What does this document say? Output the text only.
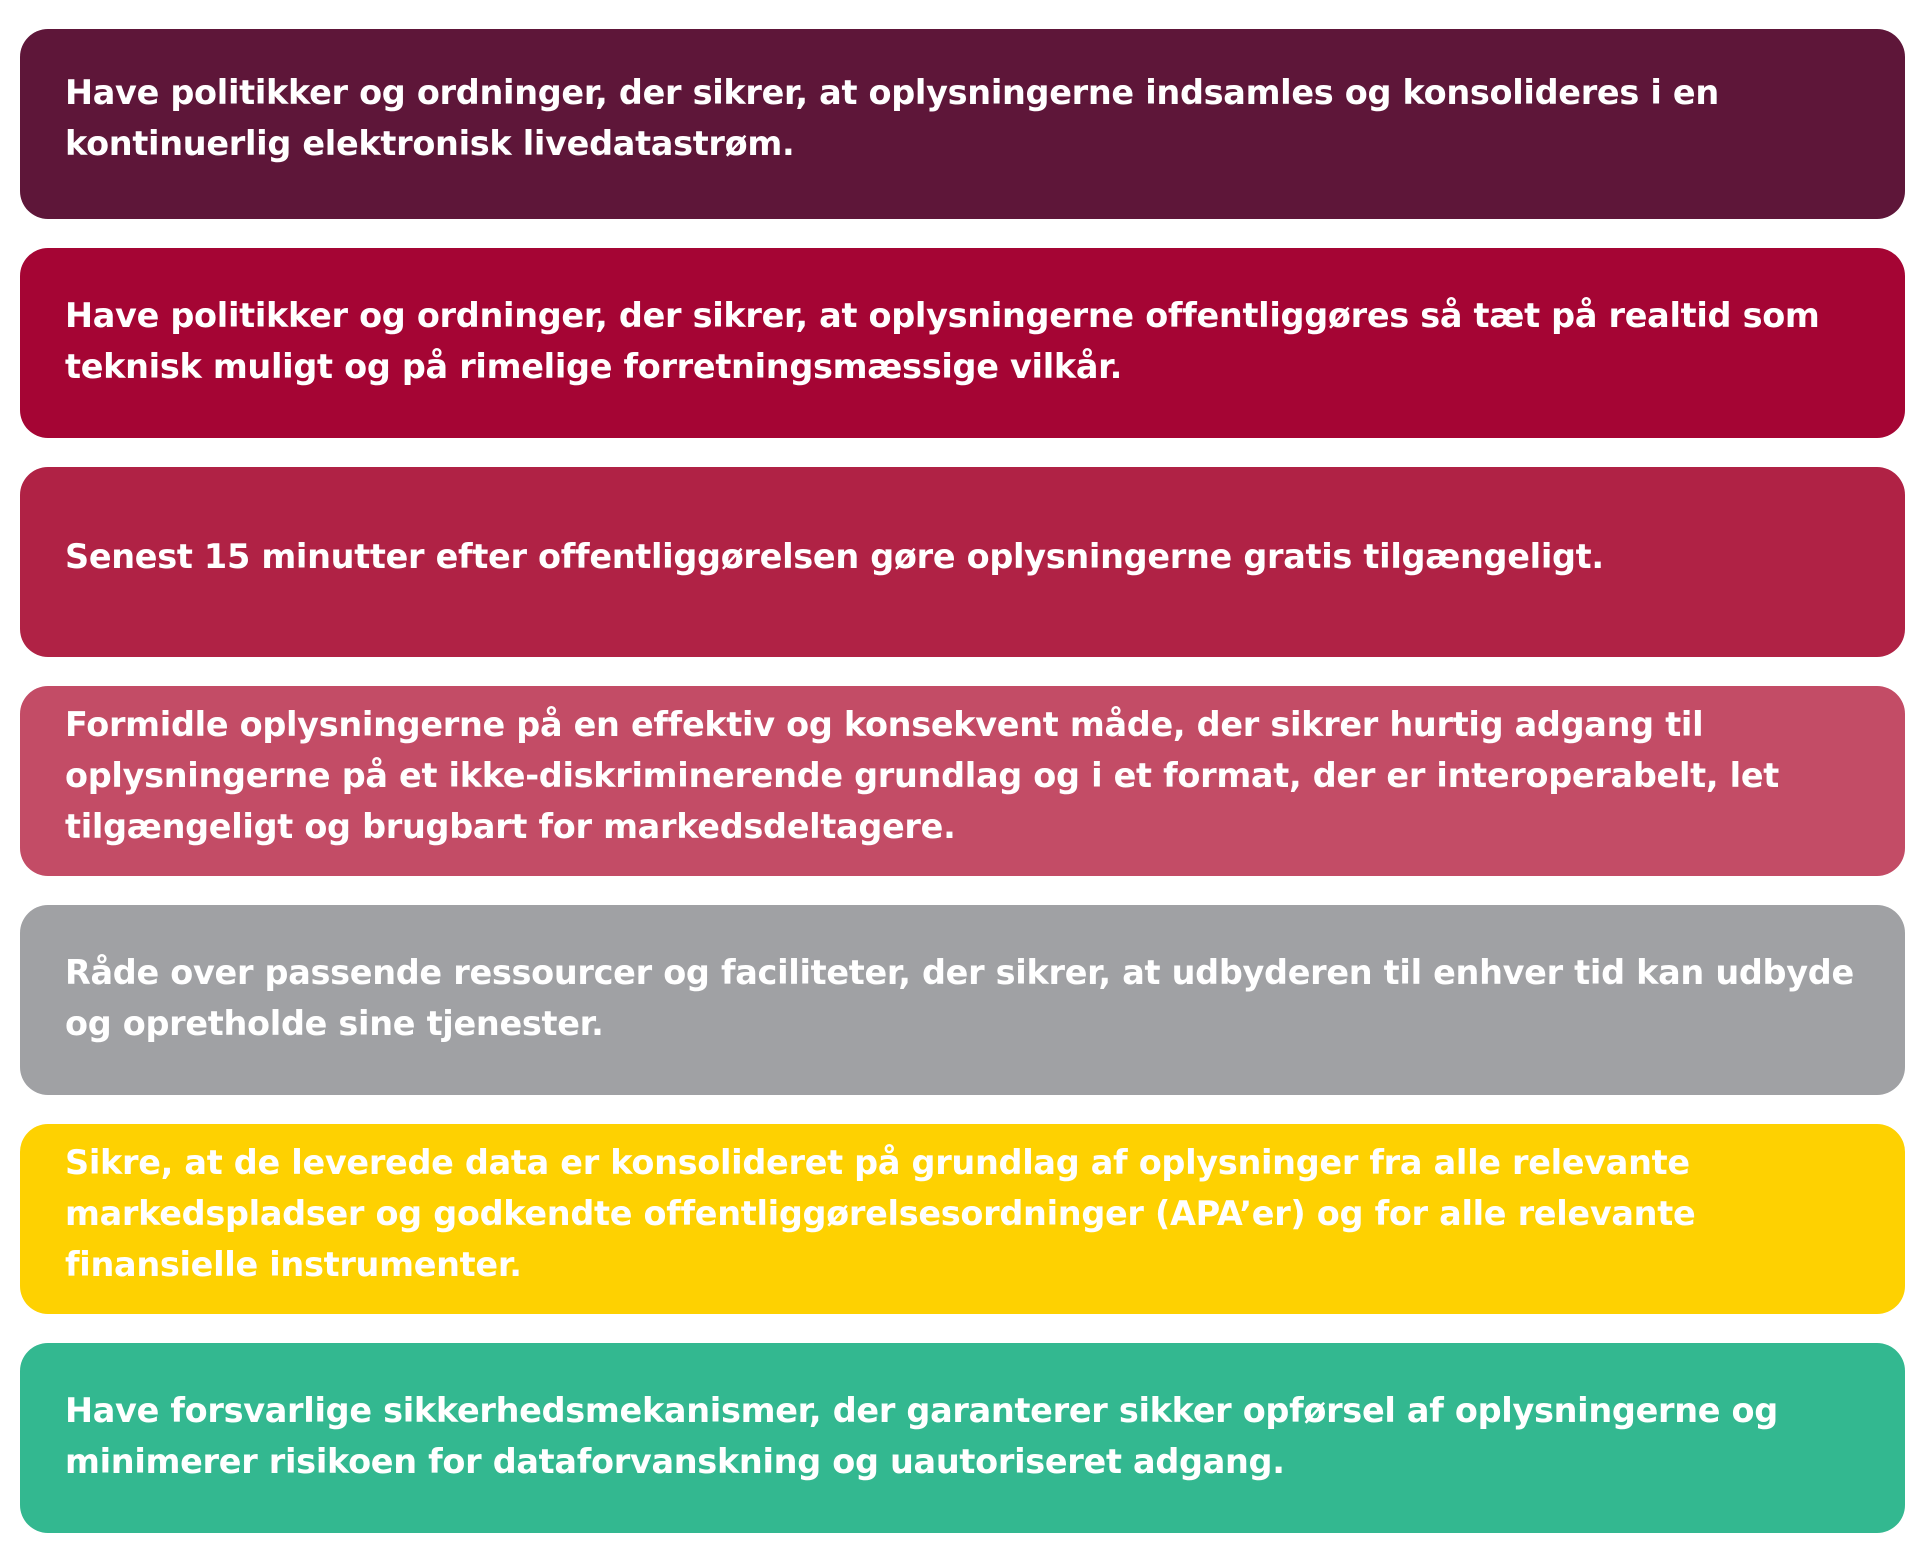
Have politikker og ordninger, der sikrer, at oplysningerne indsamles og konsolideres i en kontinuerlig elektronisk livedatastrøm.

Have politikker og ordninger, der sikrer, at oplysningerne offentliggøres så tæt på realtid som teknisk muligt og på rimelige forretningsmæssige vilkår.

Senest 15 minutter efter offentliggørelsen gøre oplysningerne gratis tilgængeligt.

Formidle oplysningerne på en effektiv og konsekvent måde, der sikrer hurtig adgang til oplysningerne på et ikke-diskriminerende grundlag og i et format, der er interoperabelt, let tilgængeligt og brugbart for markedsdeltagere.

Råde over passende ressourcer og faciliteter, der sikrer, at udbyderen til enhver tid kan udbyde og opretholde sine tjenester.

Sikre, at de leverede data er konsolideret på grundlag af oplysninger fra alle relevante markedspladser og godkendte offentliggørelsesordninger (APA’er) og for alle relevante finansielle instrumenter.

Have forsvarlige sikkerhedsmekanismer, der garanterer sikker opførsel af oplysningerne og minimerer risikoen for dataforvanskning og uautoriseret adgang.
